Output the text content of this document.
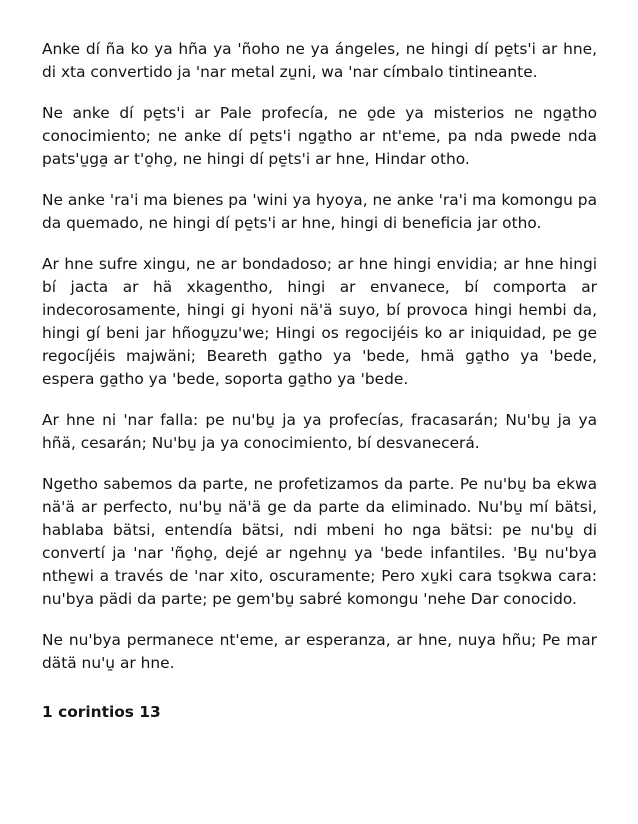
Anke dí ña ko ya hña ya 'ñoho ne ya ángeles, ne hingi dí pe̱ts'i ar hne, di xta convertido ja 'nar metal zu̱ni, wa 'nar címbalo tintineante.

Ne anke dí pe̱ts'i ar Pale profecía, ne o̱de ya misterios ne nga̱tho conocimiento; ne anke dí pe̱ts'i nga̱tho ar nt'eme, pa nda pwede nda pats'u̱ga̱ ar t'o̱ho̱, ne hingi dí pe̱ts'i ar hne, Hindar otho.

Ne anke 'ra'i ma bienes pa 'wini ya hyoya, ne anke 'ra'i ma komongu pa da quemado, ne hingi dí pe̱ts'i ar hne, hingi di beneficia jar otho.

Ar hne sufre xingu, ne ar bondadoso; ar hne hingi envidia; ar hne hingi bí jacta ar hä xkagentho, hingi ar envanece, bí comporta ar indecorosamente, hingi gi hyoni nä'ä suyo, bí provoca hingi hembi da, hingi gí beni jar hñogu̱zu'we; Hingi os regocijéis ko ar iniquidad, pe ge regocíjéis majwäni; Beareth ga̱tho ya 'bede, hmä ga̱tho ya 'bede, espera ga̱tho ya 'bede, soporta ga̱tho ya 'bede.

Ar hne ni 'nar falla: pe nu'bu̱ ja ya profecías, fracasarán; Nu'bu̱ ja ya hñä, cesarán; Nu'bu̱ ja ya conocimiento, bí desvanecerá.

Ngetho sabemos da parte, ne profetizamos da parte. Pe nu'bu̱ ba ekwa nä'ä ar perfecto, nu'bu̱ nä'ä ge da parte da eliminado. Nu'bu̱ mí bätsi, hablaba bätsi, entendía bätsi, ndi mbeni ho nga bätsi: pe nu'bu̱ di convertí ja 'nar 'ño̱ho̱, dejé ar ngehnu̱ ya 'bede infantiles. 'Bu̱ nu'bya nthe̱wi a través de 'nar xito, oscuramente; Pero xu̱ki cara tso̱kwa cara: nu'bya pädi da parte; pe gem'bu̱ sabré komongu 'nehe Dar conocido.

Ne nu'bya permanece nt'eme, ar esperanza, ar hne, nuya hñu; Pe mar dätä nu'u̱ ar hne.

1 corintios 13
